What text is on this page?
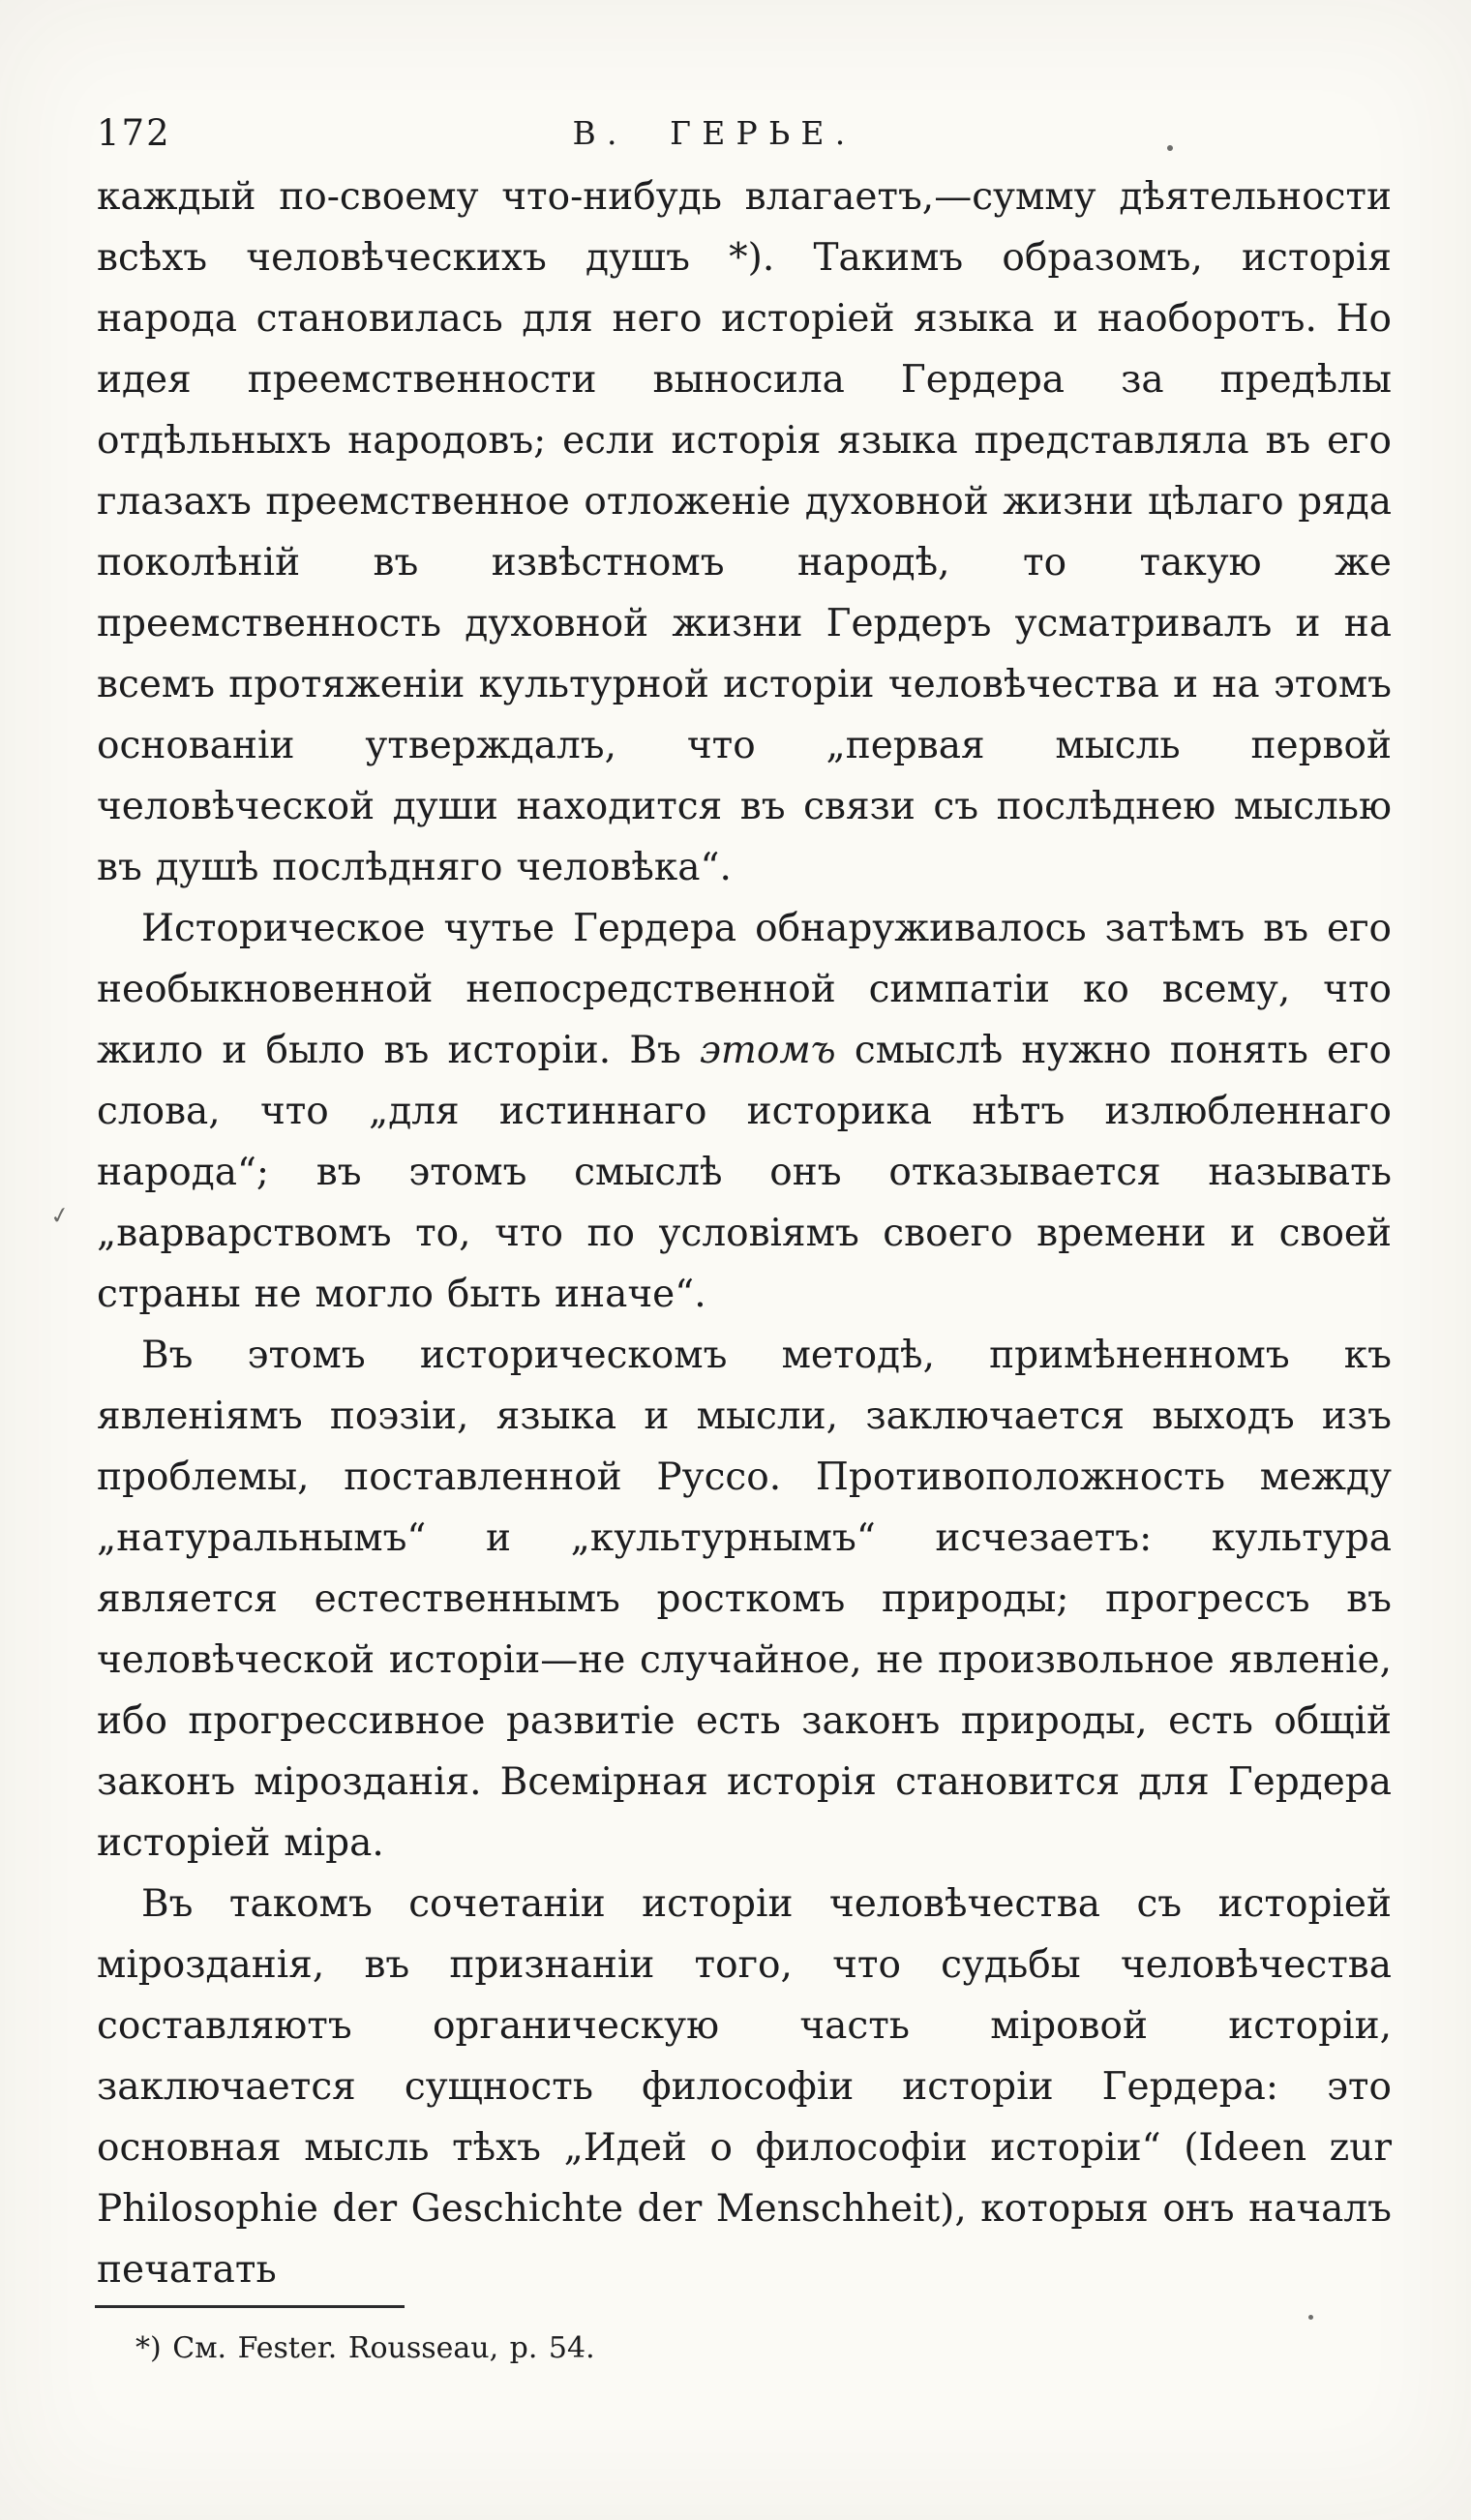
172	В.  ГЕРЬЕ.

каждый по-своему что-нибудь влагаетъ,—сумму дѣятельности всѣхъ человѣческихъ душъ *). Такимъ образомъ, исторія народа становилась для него исторіей языка и наоборотъ. Но идея преемственности выносила Гердера за предѣлы отдѣльныхъ народовъ; если исторія языка представляла въ его глазахъ преемственное отложеніе духовной жизни цѣлаго ряда поколѣній въ извѣстномъ народѣ, то такую же преемственность духовной жизни Гердеръ усматривалъ и на всемъ протяженіи культурной исторіи человѣчества и на этомъ основаніи утверждалъ, что „первая мысль первой человѣческой души находится въ связи съ послѣднею мыслью въ душѣ послѣдняго человѣка“.

Историческое чутье Гердера обнаруживалось затѣмъ въ его необыкновенной непосредственной симпатіи ко всему, что жило и было въ исторіи. Въ этомъ смыслѣ нужно понять его слова, что „для истиннаго историка нѣтъ излюбленнаго народа“; въ этомъ смыслѣ онъ отказывается называть „варварствомъ то, что по условіямъ своего времени и своей страны не могло быть иначе“.

Въ этомъ историческомъ методѣ, примѣненномъ къ явленіямъ поэзіи, языка и мысли, заключается выходъ изъ проблемы, поставленной Руссо. Противоположность между „натуральнымъ“ и „культурнымъ“ исчезаетъ: культура является естественнымъ росткомъ природы; прогрессъ въ человѣческой исторіи—не случайное, не произвольное явленіе, ибо прогрессивное развитіе есть законъ природы, есть общій законъ мірозданія. Всемірная исторія становится для Гердера исторіей міра.

Въ такомъ сочетаніи исторіи человѣчества съ исторіей мірозданія, въ признаніи того, что судьбы человѣчества составляютъ органическую часть міровой исторіи, заключается сущность философіи исторіи Гердера: это основная мысль тѣхъ „Идей о философіи исторіи“ (Ideen zur Philosophie der Geschichte der Menschheit), которыя онъ началъ печатать

*) См. Fester. Rousseau, p. 54.
✓
